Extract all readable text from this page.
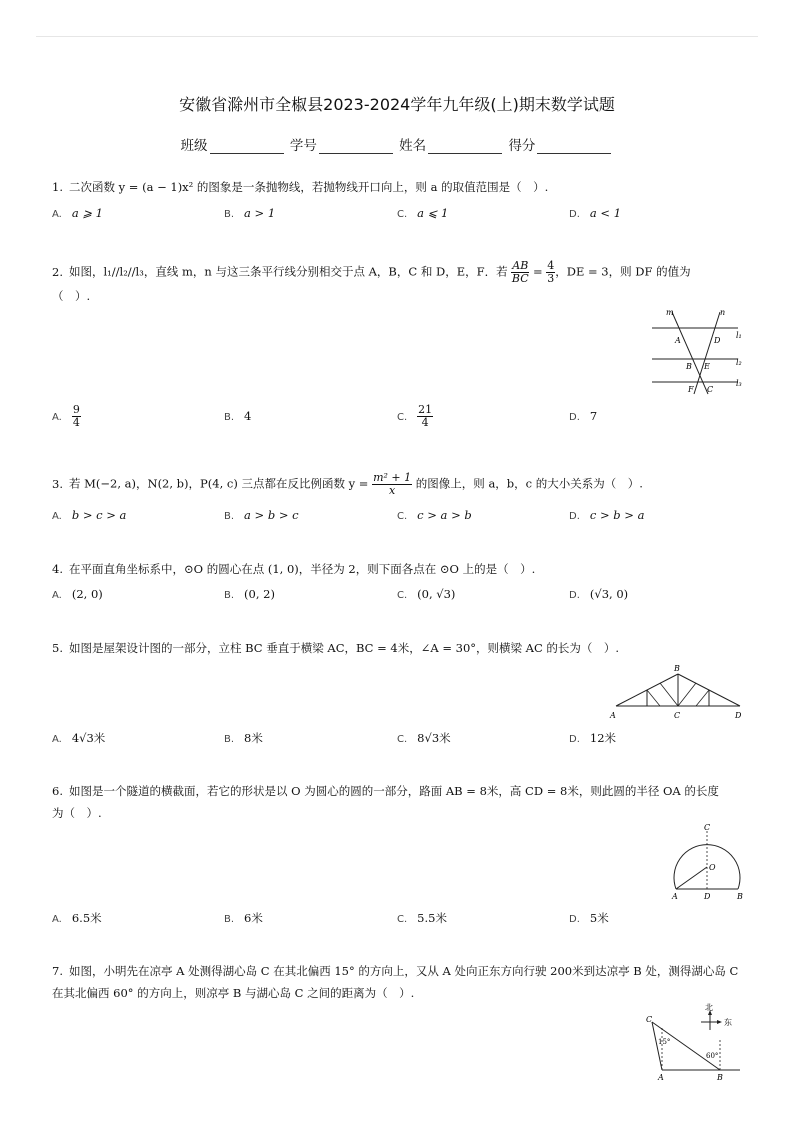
安徽省滁州市全椒县2023-2024学年九年级(上)期末数学试题
班级	学号	姓名	得分
1. 二次函数 y = (a − 1)x² 的图象是一条抛物线，若抛物线开口向上，则 a 的取值范围是（　）.
A. a ⩾ 1	B. a > 1	C. a ⩽ 1	D. a < 1
2. 如图，l₁//l₂//l₃，直线 m，n 与这三条平行线分别相交于点 A，B，C 和 D，E，F．若 $\frac{AB}{BC} = \frac{4}{3}$ ，DE = 3，则 DF 的值为
（　）.
m	n
l₁
l₂
l₃
A	D
B E
F C
A. $\frac{9}{4}$	B. 4	C. $\frac{21}{4}$	D. 7
3. 若 M(−2, a)，N(2, b)，P(4, c) 三点都在反比例函数 $y = \frac{\text{m² + 1}}{x}$ 的图像上，则 a，b，c 的大小关系为（　）.
A. b > c > a	B. a > b > c	C. c > a > b	D. c > b > a
4. 在平面直角坐标系中，⊙O 的圆心在点 (1, 0)，半径为 2，则下面各点在 ⊙O 上的是（　）.
A. (2, 0)	B. (0, 2)	C. (0, √3)	D. (√3, 0)
5. 如图是屋架设计图的一部分，立柱 BC 垂直于横梁 AC，BC = 4米，∠A = 30°，则横梁 AC 的长为（　）.
A
B
C	D
A. 4√3米	B. 8米	C. 8√3米	D. 12米
6. 如图是一个隧道的横截面，若它的形状是以 O 为圆心的圆的一部分，路面 AB = 8米，高 CD = 8米，则此圆的半径 OA 的长度
为（　）.
A	B
C
D
O
A. 6.5米	B. 6米	C. 5.5米	D. 5米
7. 如图，小明先在凉亭 A 处测得湖心岛 C 在其北偏西 15° 的方向上，又从 A 处向正东方向行驶 200米到达凉亭 B 处，测得湖心岛 C
在其北偏西 60° 的方向上，则凉亭 B 与湖心岛 C 之间的距离为（　）.
北
东
C
A	B
15°
60°
